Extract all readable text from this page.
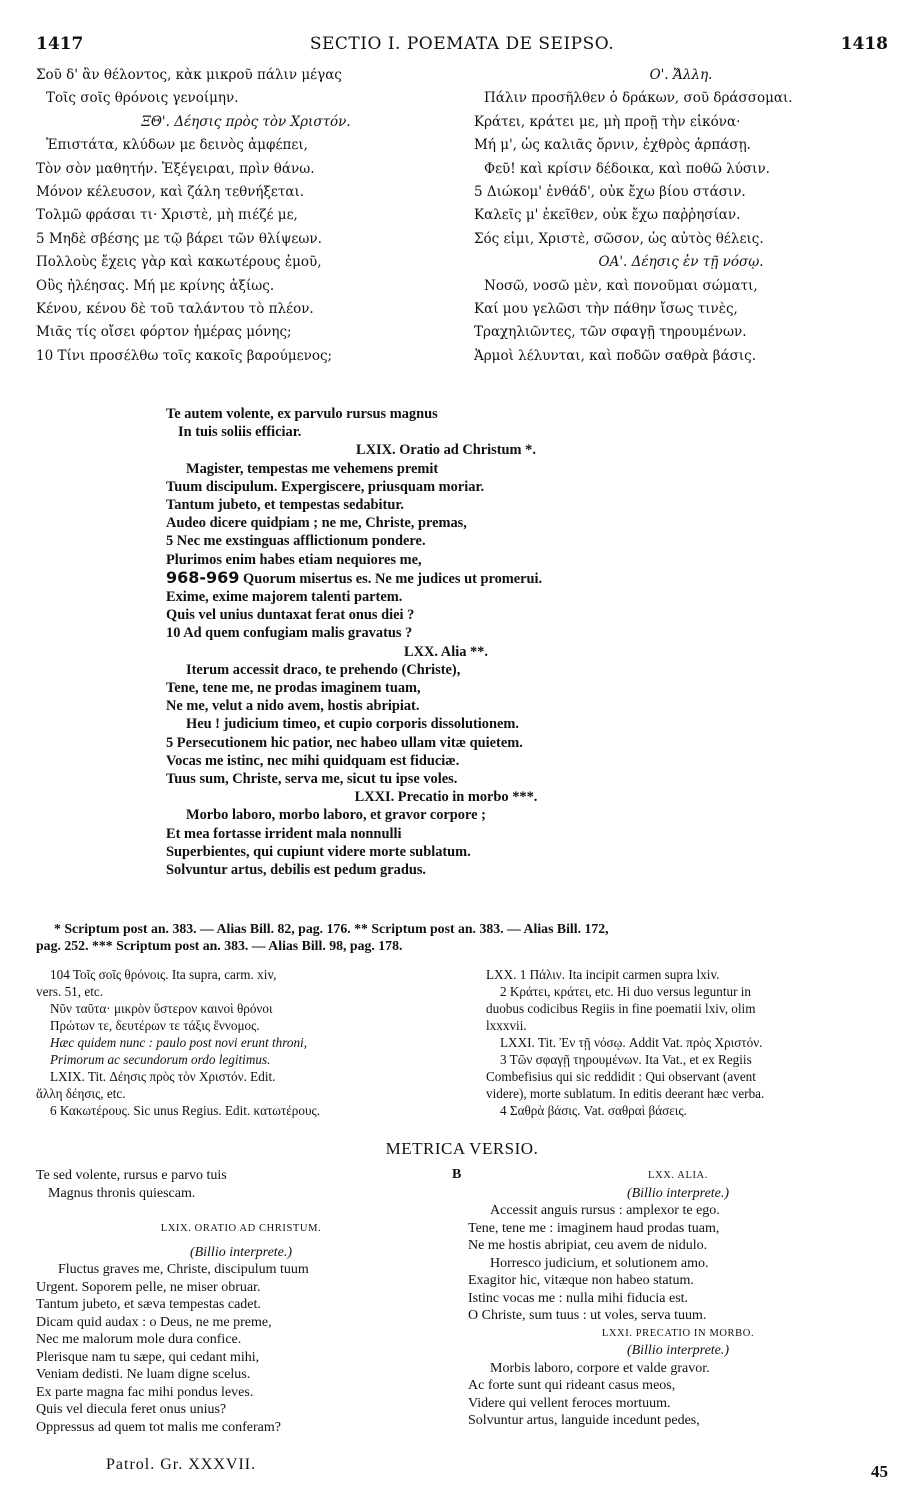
1417	SECTIO I. POEMATA DE SEIPSO.	1418
Σοῦ δ' ἂν θέλοντος, κὰκ μικροῦ πάλιν μέγας
Τοῖς σοῖς θρόνοις γενοίμην.
ΞΘ'. Δέησις πρὸς τὸν Χριστόν.
Ἐπιστάτα, κλύδων με δεινὸς ἀμφέπει,
Τὸν σὸν μαθητήν. Ἐξέγειραι, πρὶν θάνω.
Μόνον κέλευσον, καὶ ζάλη τεθνήξεται.
Τολμῶ φράσαι τι· Χριστὲ, μὴ πιέζέ με,
5 Μηδὲ σβέσης με τῷ βάρει τῶν θλίψεων.
Πολλοὺς ἔχεις γὰρ καὶ κακωτέρους ἐμοῦ,
Οὓς ἠλέησας. Μή με κρίνης ἀξίως.
Κένου, κένου δὲ τοῦ ταλάντου τὸ πλέον.
Μιᾶς τίς οἴσει φόρτον ἡμέρας μόνης;
10 Τίνι προσέλθω τοῖς κακοῖς βαρούμενος;
Ο'. Ἄλλη.
Πάλιν προσῆλθεν ὁ δράκων, σοῦ δράσσομαι.
Κράτει, κράτει με, μὴ προῇ τὴν εἰκόνα·
Μή μ', ὡς καλιᾶς ὄρνιν, ἐχθρὸς ἁρπάσῃ.
Φεῦ! καὶ κρίσιν δέδοικα, καὶ ποθῶ λύσιν.
5 Διώκομ' ἐνθάδ', οὐκ ἔχω βίου στάσιν.
Καλεῖς μ' ἐκεῖθεν, οὐκ ἔχω παῤῥησίαν.
Σός εἰμι, Χριστὲ, σῶσον, ὡς αὐτὸς θέλεις.
ΟΑ'. Δέησις ἐν τῇ νόσῳ.
Νοσῶ, νοσῶ μὲν, καὶ πονοῦμαι σώματι,
Καί μου γελῶσι τὴν πάθην ἴσως τινὲς,
Τραχηλιῶντες, τῶν σφαγῇ τηρουμένων.
Ἁρμοὶ λέλυνται, καὶ ποδῶν σαθρὰ βάσις.
Te autem volente, ex parvulo rursus magnus
In tuis soliis efficiar.
LXIX. Oratio ad Christum *.
Magister, tempestas me vehemens premit
Tuum discipulum. Expergiscere, priusquam moriar.
Tantum jubeto, et tempestas sedabitur.
Audeo dicere quidpiam ; ne me, Christe, premas,
5 Nec me exstinguas afflictionum pondere.
Plurimos enim habes etiam nequiores me,
968-969 Quorum misertus es. Ne me judices ut promerui.
Exime, exime majorem talenti partem.
Quis vel unius duntaxat ferat onus diei ?
10 Ad quem confugiam malis gravatus ?
LXX. Alia **.
Iterum accessit draco, te prehendo (Christe),
Tene, tene me, ne prodas imaginem tuam,
Ne me, velut a nido avem, hostis abripiat.
Heu ! judicium timeo, et cupio corporis dissolutionem.
5 Persecutionem hic patior, nec habeo ullam vitæ quietem.
Vocas me istinc, nec mihi quidquam est fiduciæ.
Tuus sum, Christe, serva me, sicut tu ipse voles.
LXXI. Precatio in morbo ***.
Morbo laboro, morbo laboro, et gravor corpore ;
Et mea fortasse irrident mala nonnulli
Superbientes, qui cupiunt videre morte sublatum.
Solvuntur artus, debilis est pedum gradus.
* Scriptum post an. 383. — Alias Bill. 82, pag. 176. ** Scriptum post an. 383. — Alias Bill. 172,
pag. 252. *** Scriptum post an. 383. — Alias Bill. 98, pag. 178.
104 Τοῖς σοῖς θρόνοις. Ita supra, carm. xiv,
vers. 51, etc.
Νῦν ταῦτα· μικρὸν ὕστερον καινοὶ θρόνοι
Πρώτων τε, δευτέρων τε τάξις ἔννομος.
Hæc quidem nunc : paulo post novi erunt throni,
Primorum ac secundorum ordo legitimus.
LXIX. Tit. Δέησις πρὸς τὸν Χριστόν. Edit.
ἄλλη δέησις, etc.
6 Κακωτέρους. Sic unus Regius. Edit. κατωτέρους.
LXX. 1 Πάλιν. Ita incipit carmen supra lxiv.
2 Κράτει, κράτει, etc. Hi duo versus leguntur in
duobus codicibus Regiis in fine poematii lxiv, olim
lxxxvii.
LXXI. Tit. Ἐν τῇ νόσῳ. Addit Vat. πρὸς Χριστόν.
3 Τῶν σφαγῇ τηρουμένων. Ita Vat., et ex Regiis
Combefisius qui sic reddidit : Qui observant (avent
videre), morte sublatum. In editis deerant hæc verba.
4 Σαθρὰ βάσις. Vat. σαθραὶ βάσεις.
METRICA VERSIO.
B
Te sed volente, rursus e parvo tuis
Magnus thronis quiescam.
LXIX. ORATIO AD CHRISTUM.
(Billio interprete.)
Fluctus graves me, Christe, discipulum tuum
Urgent. Soporem pelle, ne miser obruar.
Tantum jubeto, et sæva tempestas cadet.
Dicam quid audax : o Deus, ne me preme,
Nec me malorum mole dura confice.
Plerisque nam tu sæpe, qui cedant mihi,
Veniam dedisti. Ne luam digne scelus.
Ex parte magna fac mihi pondus leves.
Quis vel diecula feret onus unius?
Oppressus ad quem tot malis me conferam?
LXX. ALIA.
(Billio interprete.)
Accessit anguis rursus : amplexor te ego.
Tene, tene me : imaginem haud prodas tuam,
Ne me hostis abripiat, ceu avem de nidulo.
Horresco judicium, et solutionem amo.
Exagitor hic, vitæque non habeo statum.
Istinc vocas me : nulla mihi fiducia est.
O Christe, sum tuus : ut voles, serva tuum.
LXXI. PRECATIO IN MORBO.
(Billio interprete.)
Morbis laboro, corpore et valde gravor.
Ac forte sunt qui rideant casus meos,
Videre qui vellent feroces mortuum.
Solvuntur artus, languide incedunt pedes,
Patrol. Gr. XXXVII.	45
